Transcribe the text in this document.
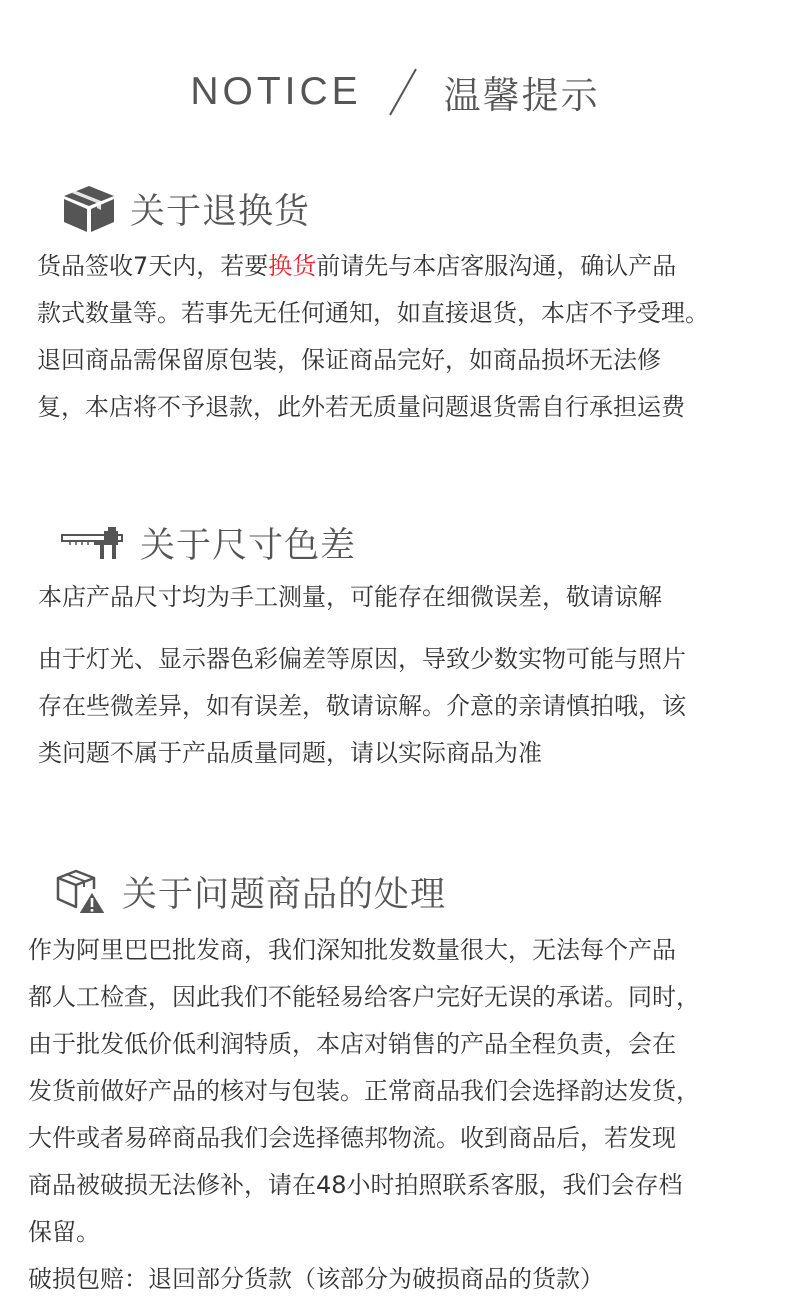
NOTICE 温馨提示
关于退换货
货品签收7天内，若要换货前请先与本店客服沟通，确认产品
款式数量等。若事先无任何通知，如直接退货，本店不予受理。
退回商品需保留原包装，保证商品完好，如商品损坏无法修
复，本店将不予退款，此外若无质量问题退货需自行承担运费
关于尺寸色差
本店产品尺寸均为手工测量，可能存在细微误差，敬请谅解
由于灯光、显示器色彩偏差等原因，导致少数实物可能与照片
存在些微差异，如有误差，敬请谅解。介意的亲请慎拍哦，该
类问题不属于产品质量同题，请以实际商品为准
关于问题商品的处理
作为阿里巴巴批发商，我们深知批发数量很大，无法每个产品
都人工检查，因此我们不能轻易给客户完好无误的承诺。同时，
由于批发低价低利润特质，本店对销售的产品全程负责，会在
发货前做好产品的核对与包装。正常商品我们会选择韵达发货，
大件或者易碎商品我们会选择德邦物流。收到商品后，若发现
商品被破损无法修补，请在48小时拍照联系客服，我们会存档
保留。
破损包赔：退回部分货款（该部分为破损商品的货款）
